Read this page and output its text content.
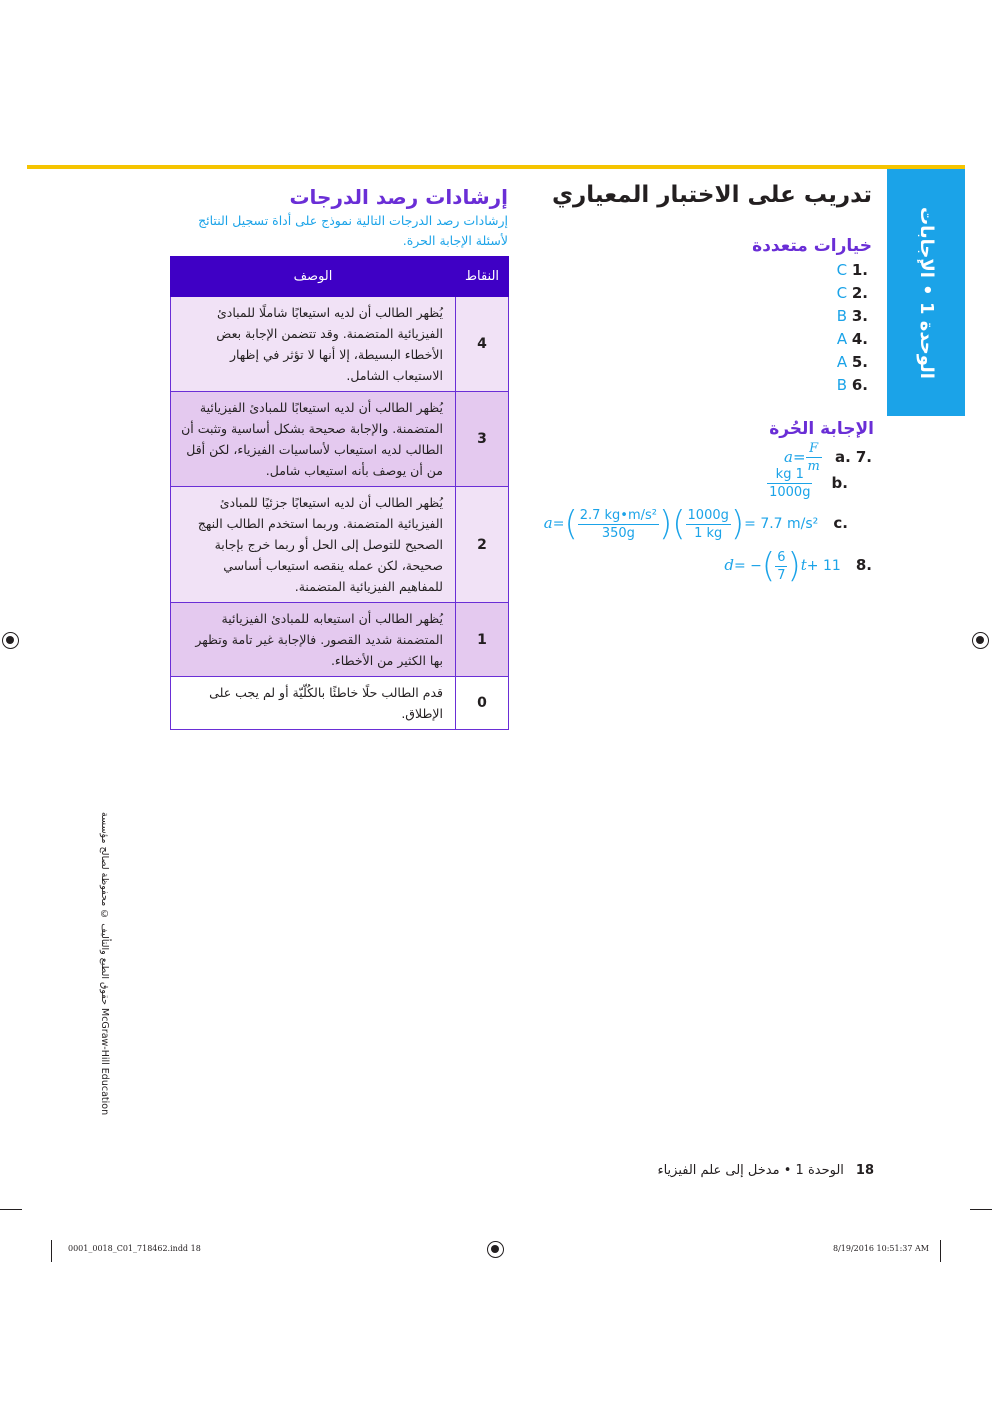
الوحدة 1 • الإجابات
تدريب على الاختبار المعياري
خيارات متعددة
.1 C
.2 C
.3 B
.4 A
.5 A
.6 B
الإجابة الحُرة
.7 .a $a= \frac{F}{m}$
.b
$\frac{1 kg}{1000g}$
.c $a=( \frac{\text{2.7 kg•m/s²}}{350g}$ )( $\frac{1000g}{1 kg}$ )= 7.7 m/s²
.8 d= −( $\frac{6}{7} )t+ 11$
إرشادات رصد الدرجات
إرشادات رصد الدرجات التالية نموذج على أداة تسجيل النتائج لأسئلة الإجابة الحرة.
النقاط	الوصف
4	يُظهر الطالب أن لديه استيعابًا شاملًا للمبادئ الفيزيائية المتضمنة. وقد تتضمن الإجابة بعض الأخطاء البسيطة، إلا أنها لا تؤثر في إظهار الاستيعاب الشامل.
3	يُظهر الطالب أن لديه استيعابًا للمبادئ الفيزيائية المتضمنة. والإجابة صحيحة بشكل أساسية وتثبت أن الطالب لديه استيعاب لأساسيات الفيزياء، لكن أقل من أن يوصف بأنه استيعاب شامل.
2	يُظهر الطالب أن لديه استيعابًا جزئيًا للمبادئ الفيزيائية المتضمنة. وربما استخدم الطالب النهج الصحيح للتوصل إلى الحل أو ربما خرج بإجابة صحيحة، لكن عمله ينقصه استيعاب أساسي للمفاهيم الفيزيائية المتضمنة.
1	يُظهر الطالب أن استيعابه للمبادئ الفيزيائية المتضمنة شديد القصور. فالإجابة غير تامة وتظهر بها الكثير من الأخطاء.
0	قدم الطالب حلًا خاطئًا بالكُلّيّة أو لم يجب على الإطلاق.
حقوق الطبع والتأليف © محفوظة لصالح مؤسسة McGraw-Hill Education
18الوحدة 1 • مدخل إلى علم الفيزياء
0001_0018_C01_718462.indd 18	8/19/2016 10:51:37 AM
